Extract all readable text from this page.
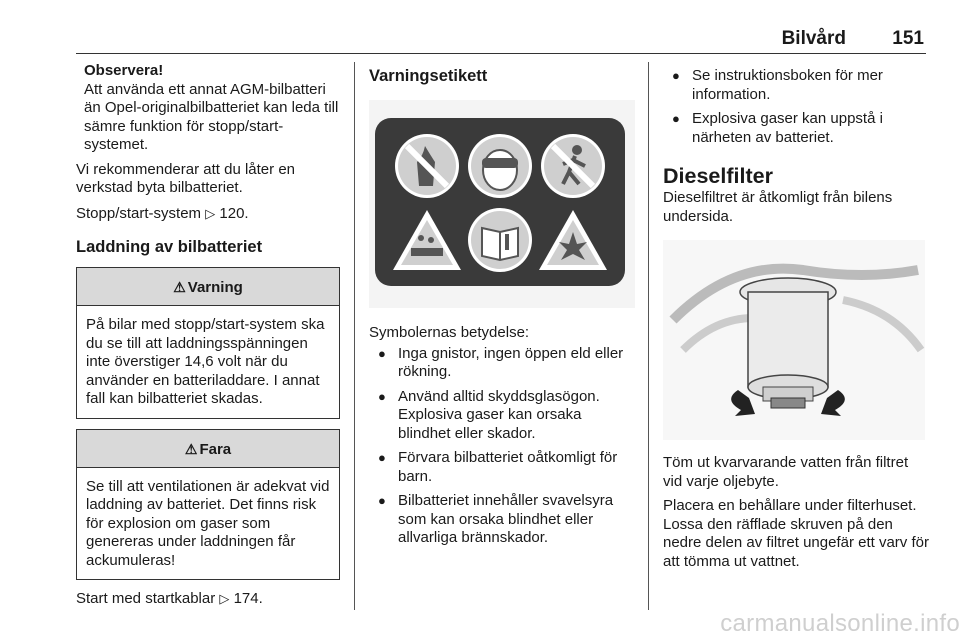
Bilvård 151
Observera!

Att använda ett annat AGM-bilbatteri än Opel-originalbilbatteriet kan leda till sämre funktion för stopp/start-systemet.

Vi rekommenderar att du låter en verkstad byta bilbatteriet.

Stopp/start-system ▷ 120.

Laddning av bilbatteriet
⚠ Varning
På bilar med stopp/start-system ska du se till att laddningsspänningen inte överstiger 14,6 volt när du använder en batteriladdare. I annat fall kan bilbatteriet skadas.
⚠ Fara
Se till att ventilationen är adekvat vid laddning av batteriet. Det finns risk för explosion om gaser som genereras under laddningen får ackumuleras!

Start med startkablar ▷ 174.

Varningsetikett

Symbolernas betydelse:

● Inga gnistor, ingen öppen eld eller rökning.
● Använd alltid skyddsglasögon. Explosiva gaser kan orsaka blindhet eller skador.
● Förvara bilbatteriet oåtkomligt för barn.
● Bilbatteriet innehåller svavelsyra som kan orsaka blindhet eller allvarliga brännskador.
● Se instruktionsboken för mer information.
● Explosiva gaser kan uppstå i närheten av batteriet.
Dieselfilter

Dieselfiltret är åtkomligt från bilens undersida.

Töm ut kvarvarande vatten från filtret vid varje oljebyte.

Placera en behållare under filterhuset. Lossa den räfflade skruven på den nedre delen av filtret ungefär ett varv för att tömma ut vattnet.

carmanualsonline.info
